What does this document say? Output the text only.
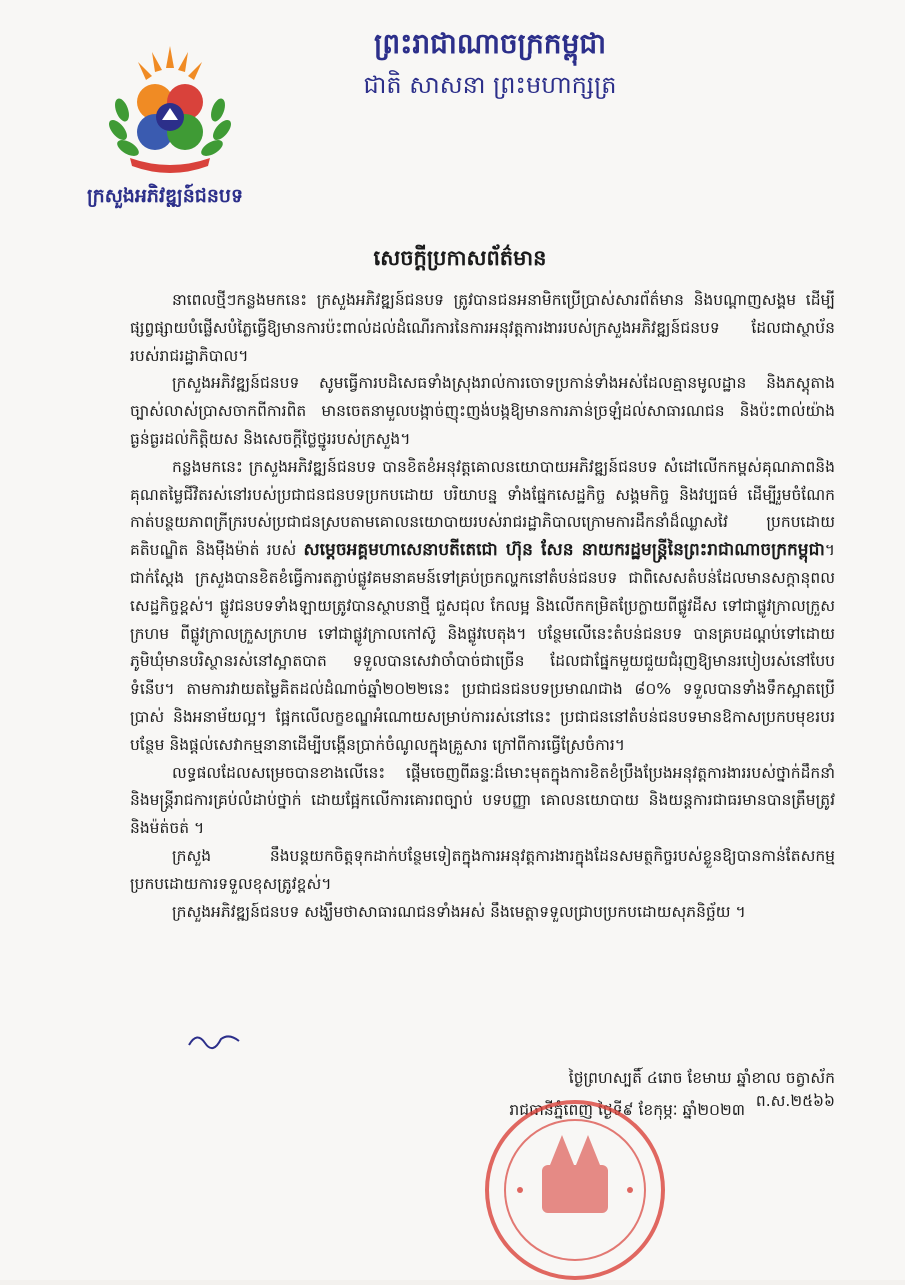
ព្រះរាជាណាចក្រកម្ពុជា
ជាតិ សាសនា ព្រះមហាក្សត្រ
ក្រសួងអភិវឌ្ឍន៍ជនបទ
សេចក្ដីប្រកាសព័ត៌មាន

នាពេលថ្មីៗកន្លងមកនេះ ក្រសួងអភិវឌ្ឍន៍ជនបទ ត្រូវបានជនអនាមិកប្រើប្រាស់សារព័ត៌មាន និងបណ្ដាញសង្គម ដើម្បីផ្សព្វផ្សាយបំផ្លើសបំភ្លៃធ្វើឱ្យមានការប៉ះពាល់ដល់ដំណើរការនៃការអនុវត្តការងាររបស់ក្រសួងអភិវឌ្ឍន៍ជនបទ ដែលជាស្ថាប័នរបស់រាជរដ្ឋាភិបាល។

ក្រសួងអភិវឌ្ឍន៍ជនបទ សូមធ្វើការបដិសេធទាំងស្រុងរាល់ការចោទប្រកាន់ទាំងអស់ដែលគ្មានមូលដ្ឋាន និងភស្តុតាងច្បាស់លាស់ប្រាសចាកពីការពិត មានចេតនាមួលបង្កាច់ញុះញង់បង្កឱ្យមានការភាន់ច្រឡំដល់សាធារណជន និងប៉ះពាល់យ៉ាងធ្ងន់ធ្ងរដល់កិត្តិយស និងសេចក្តីថ្លៃថ្នូររបស់ក្រសួង។

កន្លងមកនេះ ក្រសួងអភិវឌ្ឍន៍ជនបទ បានខិតខំអនុវត្តគោលនយោបាយអភិវឌ្ឍន៍ជនបទ សំដៅលើកកម្ពស់គុណភាពនិងគុណតម្លៃជីវិតរស់នៅរបស់ប្រជាជនជនបទប្រកបដោយ បរិយាបន្ន ទាំងផ្នែកសេដ្ឋកិច្ច សង្គមកិច្ច និងវប្បធម៌ ដើម្បីរួមចំណែកកាត់បន្ថយភាពក្រីក្ររបស់ប្រជាជនស្របតាមគោលនយោបាយរបស់រាជរដ្ឋាភិបាលក្រោមការដឹកនាំដ៏ឈ្លាសវៃ ប្រកបដោយគតិបណ្ឌិត និងម៉ឺងម៉ាត់ របស់ សម្តេចអគ្គមហាសេនាបតីតេជោ ហ៊ុន សែន នាយករដ្ឋមន្ត្រីនៃព្រះរាជាណាចក្រកម្ពុជា។ ជាក់ស្តែង ក្រសួងបានខិតខំធ្វើការតភ្ជាប់ផ្លូវគមនាគមន៍ទៅគ្រប់ច្រកល្ហកនៅតំបន់ជនបទ ជាពិសេសតំបន់ដែលមានសក្ដានុពលសេដ្ឋកិច្ចខ្ពស់។ ផ្លូវជនបទទាំងឡាយត្រូវបានស្ថាបនាថ្មី ជួសជុល កែលម្អ និងលើកកម្រិតប្រែក្លាយពីផ្លូវដីស ទៅជាផ្លូវក្រាលក្រួសក្រហម ពីផ្លូវក្រាលក្រួសក្រហម ទៅជាផ្លូវក្រាលកៅស៊ូ និងផ្លូវបេតុង។ បន្ថែមលើនេះតំបន់ជនបទ បានគ្របដណ្ដប់ទៅដោយភូមិឃុំមានបរិស្ថានរស់នៅស្អាតបាត ទទួលបានសេវាចាំបាច់ជាច្រើន ដែលជាផ្នែកមួយជួយជំរុញឱ្យមានរបៀបរស់នៅបែបទំនើប។ តាមការវាយតម្លៃគិតដល់ដំណាច់ឆ្នាំ២០២២នេះ ប្រជាជនជនបទប្រមាណជាង ៨០% ទទួលបានទាំងទឹកស្អាតប្រើប្រាស់ និងអនាម័យល្អ។ ផ្អែកលើលក្ខខណ្ឌអំណោយសម្រាប់ការរស់នៅនេះ ប្រជាជននៅតំបន់ជនបទមានឱកាសប្រកបមុខរបរបន្ថែម និងផ្តល់សេវាកម្មនានាដើម្បីបង្កើនប្រាក់ចំណូលក្នុងគ្រួសារ ក្រៅពីការធ្វើស្រែចំការ។

លទ្ធផលដែលសម្រេចបានខាងលើនេះ ផ្តើមចេញពីឆន្ទៈដ៏មោះមុតក្នុងការខិតខំប្រឹងប្រែងអនុវត្តការងាររបស់ថ្នាក់ដឹកនាំ និងមន្រ្តីរាជការគ្រប់លំដាប់ថ្នាក់ ដោយផ្អែកលើការគោរពច្បាប់ បទបញ្ញា គោលនយោបាយ និងយន្តការជាធរមានបានត្រឹមត្រូវ និងម៉ត់ចត់ ។

ក្រសួង នឹងបន្តយកចិត្តទុកដាក់បន្ថែមទៀតក្នុងការអនុវត្តការងារក្នុងដែនសមត្ថកិច្ចរបស់ខ្លួនឱ្យបានកាន់តែសកម្ម ប្រកបដោយការទទួលខុសត្រូវខ្ពស់។

ក្រសួងអភិវឌ្ឍន៍ជនបទ សង្ឃឹមថាសាធារណជនទាំងអស់ នឹងមេត្តាទទួលជ្រាបប្រកបដោយសុភនិច្ឆ័យ ។

ថ្ងៃព្រហស្បតិ៍ ៤រោច ខែមាឃ ឆ្នាំខាល ចត្វាស័ក ព.ស.២៥៦៦
រាជធានីភ្នំពេញ ថ្ងៃទី៩ ខែកុម្ភៈ ឆ្នាំ២០២៣
